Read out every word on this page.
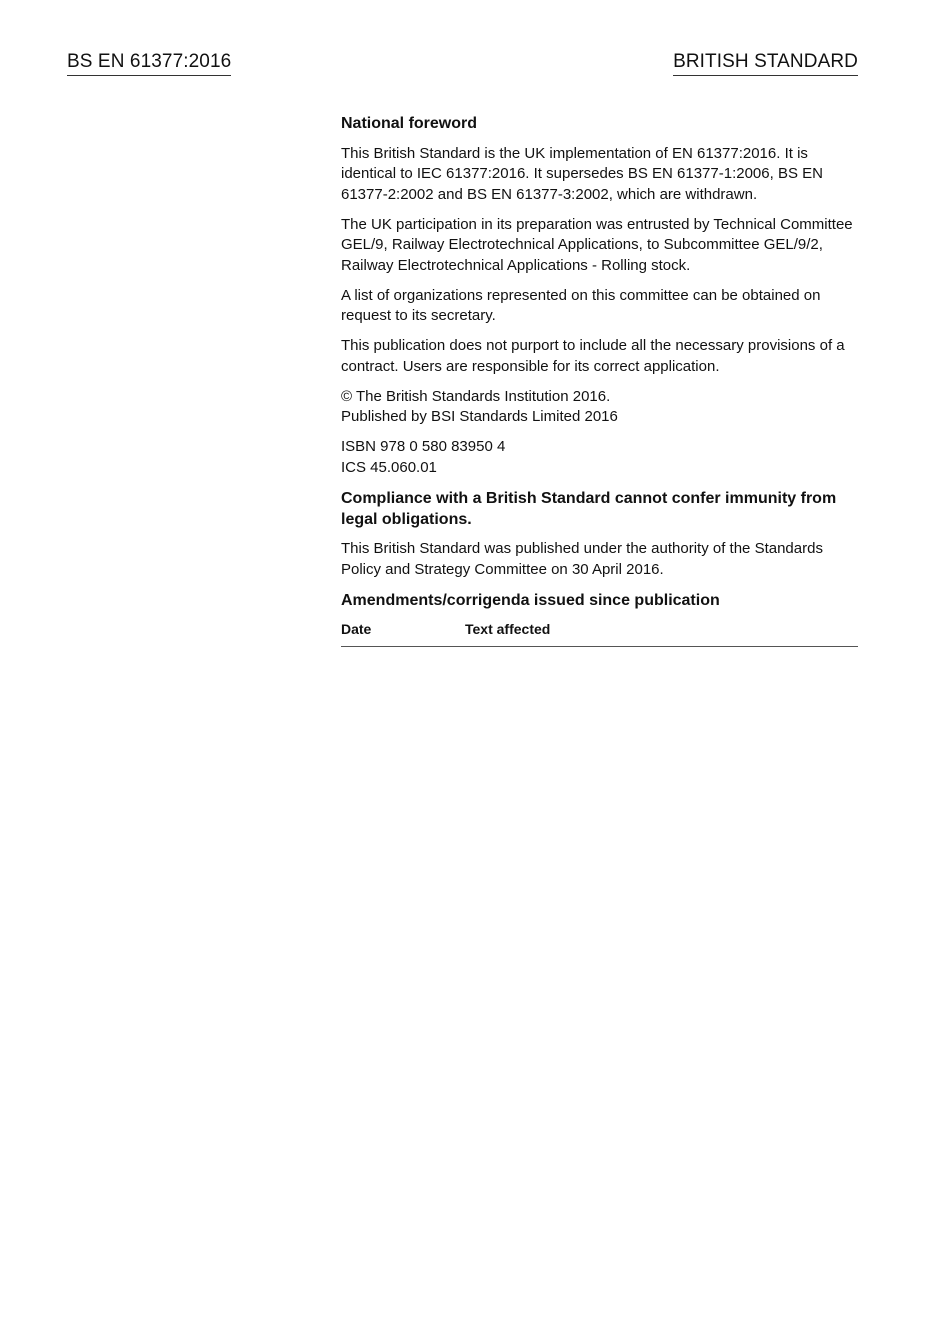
BS EN 61377:2016	BRITISH STANDARD

National foreword

This British Standard is the UK implementation of EN 61377:2016. It is identical to IEC 61377:2016. It supersedes BS EN 61377-1:2006, BS EN 61377-2:2002 and BS EN 61377-3:2002, which are withdrawn.

The UK participation in its preparation was entrusted by Technical Committee GEL/9, Railway Electrotechnical Applications, to Subcommittee GEL/9/2, Railway Electrotechnical Applications - Rolling stock.

A list of organizations represented on this committee can be obtained on request to its secretary.

This publication does not purport to include all the necessary provisions of a contract. Users are responsible for its correct application.

© The British Standards Institution 2016.
Published by BSI Standards Limited 2016

ISBN 978 0 580 83950 4
ICS 45.060.01

Compliance with a British Standard cannot confer immunity from legal obligations.

This British Standard was published under the authority of the Standards Policy and Strategy Committee on 30 April 2016.

Amendments/corrigenda issued since publication

Date	Text affected
